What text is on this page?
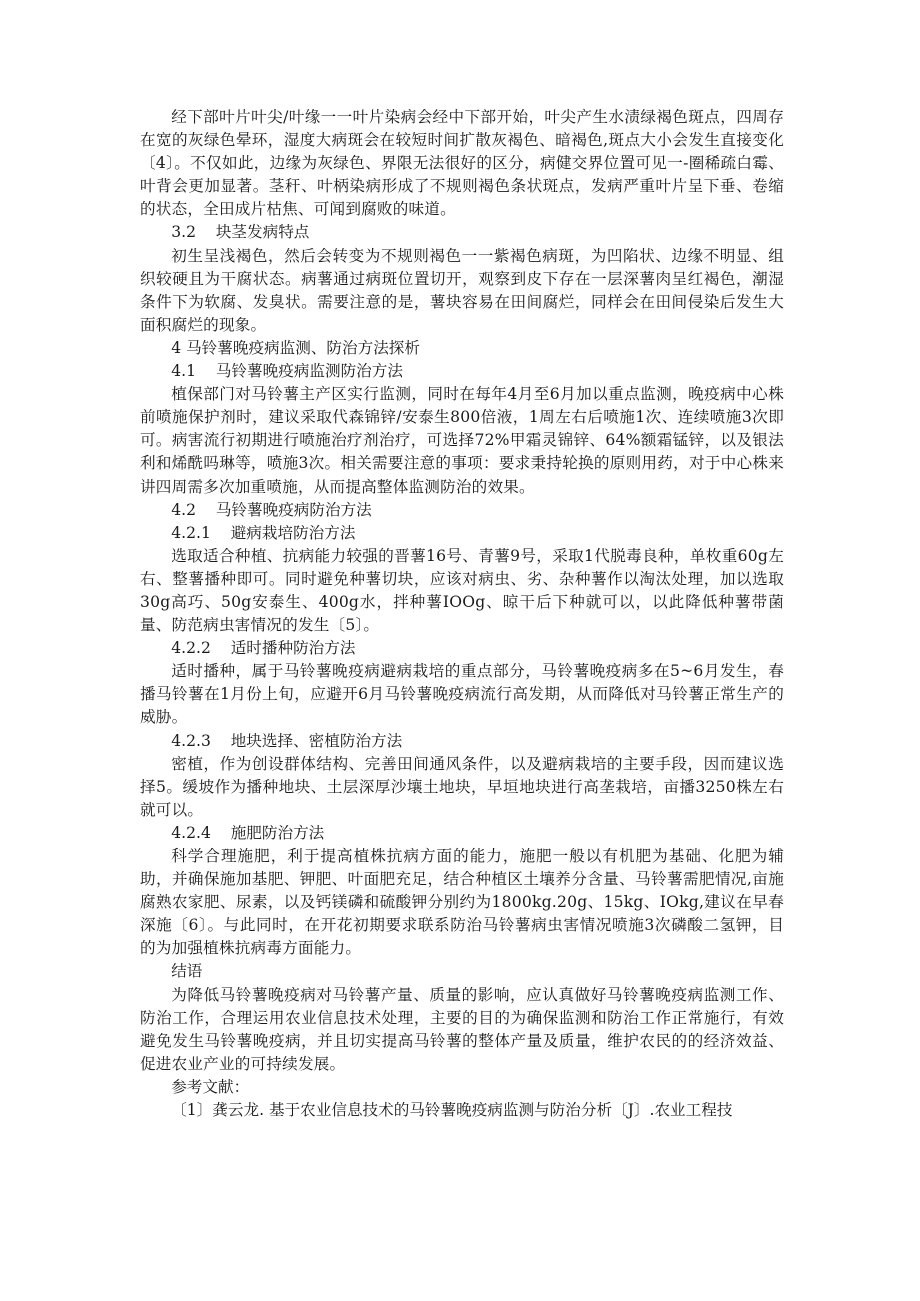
经下部叶片叶尖/叶缘一一叶片染病会经中下部开始，叶尖产生水渍绿褐色斑点，四周存在宽的灰绿色晕环，湿度大病斑会在较短时间扩散灰褐色、暗褐色,斑点大小会发生直接变化〔4〕。不仅如此，边缘为灰绿色、界限无法很好的区分，病健交界位置可见一-圈稀疏白霉、叶背会更加显著。茎秆、叶柄染病形成了不规则褐色条状斑点，发病严重叶片呈下垂、卷缩的状态，全田成片枯焦、可闻到腐败的味道。

3.2    块茎发病特点

初生呈浅褐色，然后会转变为不规则褐色一一紫褐色病斑，为凹陷状、边缘不明显、组织较硬且为干腐状态。病薯通过病斑位置切开，观察到皮下存在一层深薯肉呈红褐色，潮湿条件下为软腐、发臭状。需要注意的是，薯块容易在田间腐烂，同样会在田间侵染后发生大面积腐烂的现象。

4 马铃薯晚疫病监测、防治方法探析

4.1    马铃薯晚疫病监测防治方法

植保部门对马铃薯主产区实行监测，同时在每年4月至6月加以重点监测，晚疫病中心株前喷施保护剂时，建议采取代森锦锌/安泰生800倍液，1周左右后喷施1次、连续喷施3次即可。病害流行初期进行喷施治疗剂治疗，可选择72%甲霜灵锦锌、64%额霜锰锌，以及银法利和烯酰吗琳等，喷施3次。相关需要注意的事项：要求秉持轮换的原则用药，对于中心株来讲四周需多次加重喷施，从而提高整体监测防治的效果。

4.2    马铃薯晚疫病防治方法

4.2.1    避病栽培防治方法

选取适合种植、抗病能力较强的晋薯16号、青薯9号，采取1代脱毒良种，单枚重60g左右、整薯播种即可。同时避免种薯切块，应该对病虫、劣、杂种薯作以淘汰处理，加以选取30g高巧、50g安泰生、400g水，拌种薯IOOg、晾干后下种就可以，以此降低种薯带菌量、防范病虫害情况的发生〔5〕。

4.2.2    适时播种防治方法

适时播种，属于马铃薯晚疫病避病栽培的重点部分，马铃薯晚疫病多在5~6月发生，春播马铃薯在1月份上旬，应避开6月马铃薯晚疫病流行高发期，从而降低对马铃薯正常生产的威胁。

4.2.3    地块选择、密植防治方法

密植，作为创设群体结构、完善田间通风条件，以及避病栽培的主要手段，因而建议选择5。缓坡作为播种地块、土层深厚沙壤土地块，早垣地块进行高垄栽培，亩播3250株左右就可以。

4.2.4    施肥防治方法

科学合理施肥，利于提高植株抗病方面的能力，施肥一般以有机肥为基础、化肥为辅助，并确保施加基肥、钾肥、叶面肥充足，结合种植区土壤养分含量、马铃薯需肥情况,亩施腐熟农家肥、尿素，以及钙镁磷和硫酸钾分别约为1800kg.20g、15kg、IOkg,建议在早春深施〔6〕。与此同时，在开花初期要求联系防治马铃薯病虫害情况喷施3次磷酸二氢钾，目的为加强植株抗病毒方面能力。

结语

为降低马铃薯晚疫病对马铃薯产量、质量的影响，应认真做好马铃薯晚疫病监测工作、防治工作，合理运用农业信息技术处理，主要的目的为确保监测和防治工作正常施行，有效避免发生马铃薯晚疫病，并且切实提高马铃薯的整体产量及质量，维护农民的的经济效益、促进农业产业的可持续发展。

参考文献：

〔1〕龚云龙. 基于农业信息技术的马铃薯晚疫病监测与防治分析〔J〕.农业工程技
